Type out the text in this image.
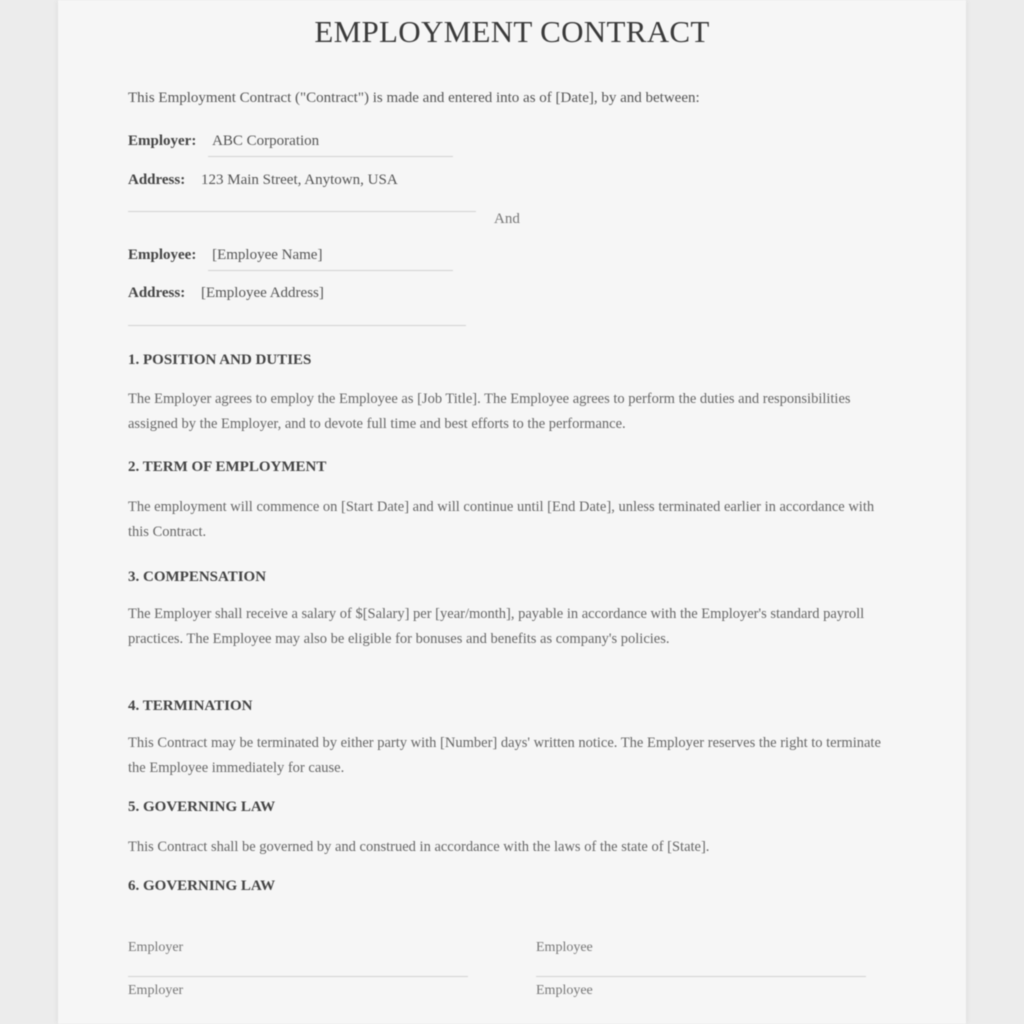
EMPLOYMENT CONTRACT
This Employment Contract ("Contract") is made and entered into as of [Date], by and between:
Employer: ABC Corporation
Address: 123 Main Street, Anytown, USA
And
Employee: [Employee Name]
Address: [Employee Address]
1. POSITION AND DUTIES
The Employer agrees to employ the Employee as [Job Title]. The Employee agrees to perform the duties and responsibilities assigned by the Employer, and to devote full time and best efforts to the performance.
2. TERM OF EMPLOYMENT
The employment will commence on [Start Date] and will continue until [End Date], unless terminated earlier in accordance with this Contract.
3. COMPENSATION
The Employer shall receive a salary of $[Salary] per [year/month], payable in accordance with the Employer's standard payroll practices. The Employee may also be eligible for bonuses and benefits as company's policies.
4. TERMINATION
This Contract may be terminated by either party with [Number] days' written notice. The Employer reserves the right to terminate the Employee immediately for cause.
5. GOVERNING LAW
This Contract shall be governed by and construed in accordance with the laws of the state of [State].
6. GOVERNING LAW
Employer	Employee
Employer	Employee
